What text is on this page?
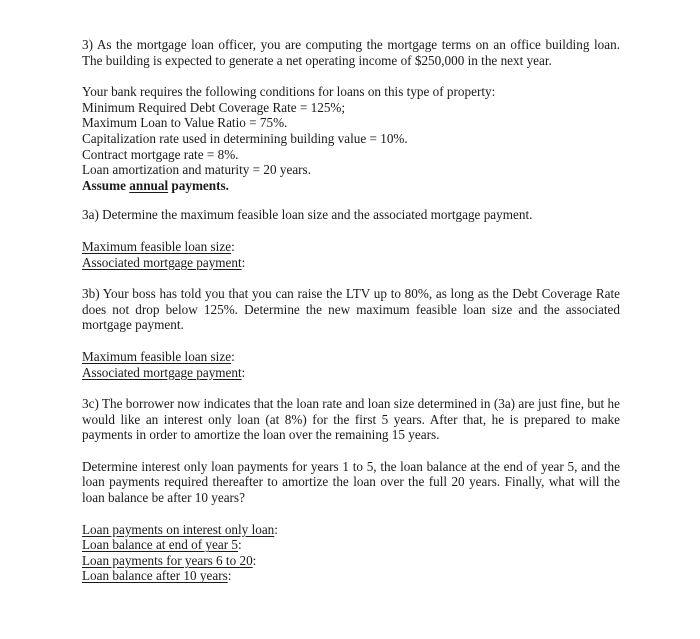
3) As the mortgage loan officer, you are computing the mortgage terms on an office building loan. The building is expected to generate a net operating income of $250,000 in the next year.

Your bank requires the following conditions for loans on this type of property:
Minimum Required Debt Coverage Rate = 125%;
Maximum Loan to Value Ratio = 75%.
Capitalization rate used in determining building value = 10%.
Contract mortgage rate = 8%.
Loan amortization and maturity = 20 years.
Assume annual payments.

3a) Determine the maximum feasible loan size and the associated mortgage payment.

Maximum feasible loan size:
Associated mortgage payment:

3b) Your boss has told you that you can raise the LTV up to 80%, as long as the Debt Coverage Rate does not drop below 125%. Determine the new maximum feasible loan size and the associated mortgage payment.

Maximum feasible loan size:
Associated mortgage payment:

3c) The borrower now indicates that the loan rate and loan size determined in (3a) are just fine, but he would like an interest only loan (at 8%) for the first 5 years. After that, he is prepared to make payments in order to amortize the loan over the remaining 15 years.

Determine interest only loan payments for years 1 to 5, the loan balance at the end of year 5, and the loan payments required thereafter to amortize the loan over the full 20 years. Finally, what will the loan balance be after 10 years?

Loan payments on interest only loan:
Loan balance at end of year 5:
Loan payments for years 6 to 20:
Loan balance after 10 years:
